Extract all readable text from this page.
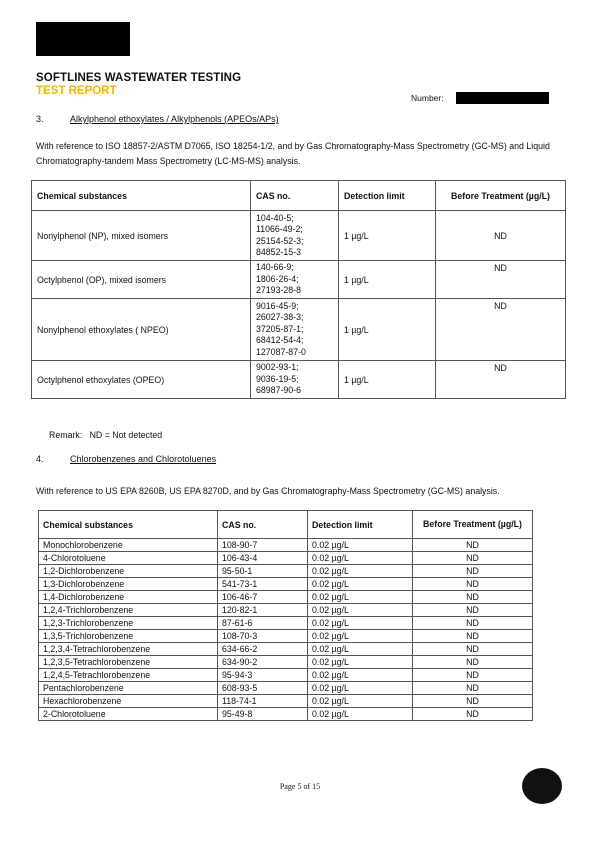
SOFTLINES WASTEWATER TESTING
TEST REPORT
Number:
3.	Alkylphenol ethoxylates / Alkylphenols (APEOs/APs)
With reference to ISO 18857-2/ASTM D7065, ISO 18254-1/2, and by Gas Chromatography-Mass Spectrometry (GC-MS) and Liquid Chromatography-tandem Mass Spectrometry (LC-MS-MS) analysis.
Chemical substances	CAS no.	Detection limit	Before Treatment (µg/L)
Nonylphenol (NP), mixed isomers	104-40-5;
11066-49-2;
25154-52-3;
84852-15-3	1 µg/L	ND
Octylphenol (OP), mixed isomers	140-66-9;
1806-26-4;
27193-28-8	1 µg/L	ND
Nonylphenol ethoxylates ( NPEO)	9016-45-9;
26027-38-3;
37205-87-1;
68412-54-4;
127087-87-0	1 µg/L	ND
Octylphenol ethoxylates (OPEO)	9002-93-1;
9036-19-5;
68987-90-6	1 µg/L	ND
Remark:   ND = Not detected
4.	Chlorobenzenes and Chlorotoluenes
With reference to US EPA 8260B, US EPA 8270D, and by Gas Chromatography-Mass Spectrometry (GC-MS) analysis.
Chemical substances	CAS no.	Detection limit	Before Treatment (µg/L)
Monochlorobenzene	108-90-7	0.02 µg/L	ND
4-Chlorotoluene	106-43-4	0.02 µg/L	ND
1,2-Dichlorobenzene	95-50-1	0.02 µg/L	ND
1,3-Dichlorobenzene	541-73-1	0.02 µg/L	ND
1,4-Dichlorobenzene	106-46-7	0.02 µg/L	ND
1,2,4-Trichlorobenzene	120-82-1	0.02 µg/L	ND
1,2,3-Trichlorobenzene	87-61-6	0.02 µg/L	ND
1,3,5-Trichlorobenzene	108-70-3	0.02 µg/L	ND
1,2,3,4-Tetrachlorobenzene	634-66-2	0.02 µg/L	ND
1,2,3,5-Tetrachlorobenzene	634-90-2	0.02 µg/L	ND
1,2,4,5-Tetrachlorobenzene	95-94-3	0.02 µg/L	ND
Pentachlorobenzene	608-93-5	0.02 µg/L	ND
Hexachlorobenzene	118-74-1	0.02 µg/L	ND
2-Chlorotoluene	95-49-8	0.02 µg/L	ND
Page 5 of 15
